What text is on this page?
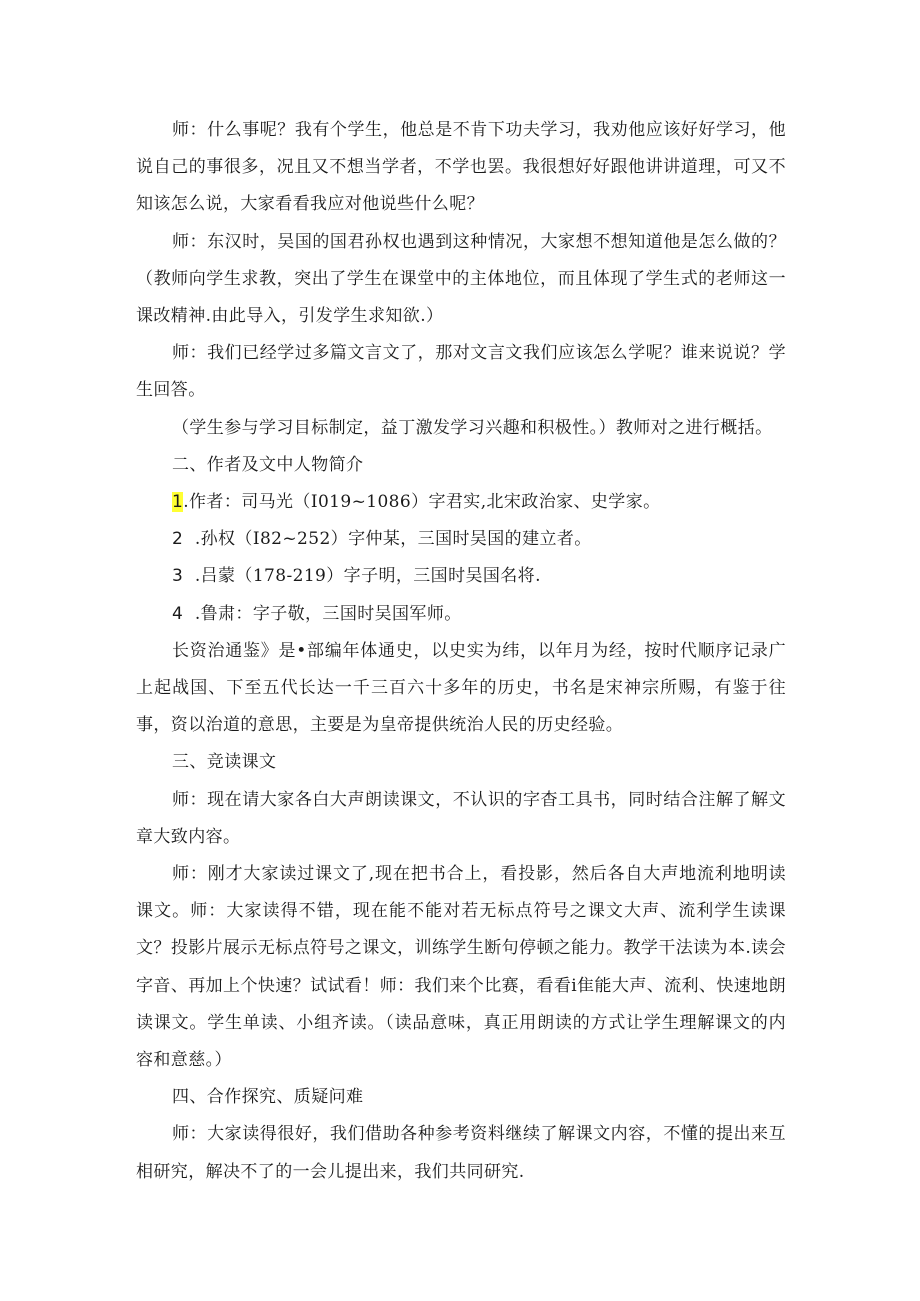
师：什么事呢？我有个学生，他总是不肯下功夫学习，我劝他应该好好学习，他说自己的事很多，况且又不想当学者，不学也罢。我很想好好跟他讲讲道理，可又不知该怎么说，大家看看我应对他说些什么呢？

师：东汉时，吴国的国君孙权也遇到这种情况，大家想不想知道他是怎么做的？（教师向学生求教，突出了学生在课堂中的主体地位，而且体现了学生式的老师这一课改精神.由此导入，引发学生求知欲.）

师：我们已经学过多篇文言文了，那对文言文我们应该怎么学呢？谁来说说？学生回答。

（学生参与学习目标制定，益丁激发学习兴趣和积极性。）教师对之进行概括。

二、作者及文中人物简介

1.作者：司马光（I019~1086）字君实,北宋政治家、史学家。

2  .孙权（I82~252）字仲某，三国时吴国的建立者。

3  .吕蒙（178-219）字子明，三国时吴国名将.

4  .鲁肃：字子敬，三国时吴国军师。

长资治通鉴》是•部编年体通史，以史实为纬，以年月为经，按时代顺序记录广上起战国、下至五代长达一千三百六十多年的历史，书名是宋神宗所赐，有鉴于往事，资以治道的意思，主要是为皇帝提供统治人民的历史经验。

三、竞读课文

师：现在请大家各白大声朗读课文，不认识的字杳工具书，同时结合注解了解文章大致内容。

师：刚才大家读过课文了,现在把书合上，看投影，然后各自大声地流利地明读课文。师：大家读得不错，现在能不能对若无标点符号之课文大声、流利学生读课文？投影片展示无标点符号之课文，训练学生断句停顿之能力。教学干法读为本.读会字音、再加上个快速？试试看！师：我们来个比赛，看看i隹能大声、流利、快速地朗读课文。学生单读、小组齐读。（读品意味，真正用朗读的方式让学生理解课文的内容和意慈。）

四、合作探究、质疑问难

师：大家读得很好，我们借助各种参考资料继续了解课文内容，不懂的提出来互相研究，解决不了的一会儿提出来，我们共同研究.
